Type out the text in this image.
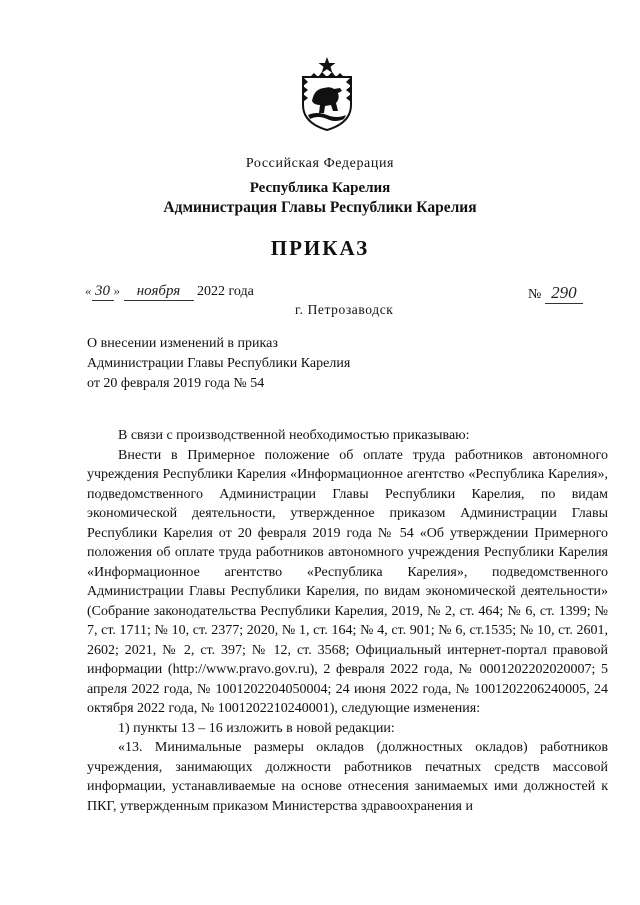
Российская Федерация
Республика Карелия
Администрация Главы Республики Карелия
ПРИКАЗ
« 30 » ноября 2022 года	№ 290
г. Петрозаводск
О внесении изменений в приказ
Администрации Главы Республики Карелия
от 20 февраля 2019 года № 54

В связи с производственной необходимостью приказываю:

Внести в Примерное положение об оплате труда работников автономного учреждения Республики Карелия «Информационное агентство «Республика Карелия», подведомственного Администрации Главы Республики Карелия, по видам экономической деятельности, утвержденное приказом Администрации Главы Республики Карелия от 20 февраля 2019 года № 54 «Об утверждении Примерного положения об оплате труда работников автономного учреждения Республики Карелия «Информационное агентство «Республика Карелия», подведомственного Администрации Главы Республики Карелия, по видам экономической деятельности» (Собрание законодательства Республики Карелия, 2019, № 2, ст. 464; № 6, ст. 1399; № 7, ст. 1711; № 10, ст. 2377; 2020, № 1, ст. 164; № 4, ст. 901; № 6, ст.1535; № 10, ст. 2601, 2602; 2021, № 2, ст. 397; № 12, ст. 3568; Официальный интернет-портал правовой информации (http://www.pravo.gov.ru), 2 февраля 2022 года, № 0001202202020007; 5 апреля 2022 года, № 1001202204050004; 24 июня 2022 года, № 1001202206240005, 24 октября 2022 года, № 1001202210240001), следующие изменения:

1) пункты 13 – 16 изложить в новой редакции:

«13. Минимальные размеры окладов (должностных окладов) работников учреждения, занимающих должности работников печатных средств массовой информации, устанавливаемые на основе отнесения занимаемых ими должностей к ПКГ, утвержденным приказом Министерства здравоохранения и
